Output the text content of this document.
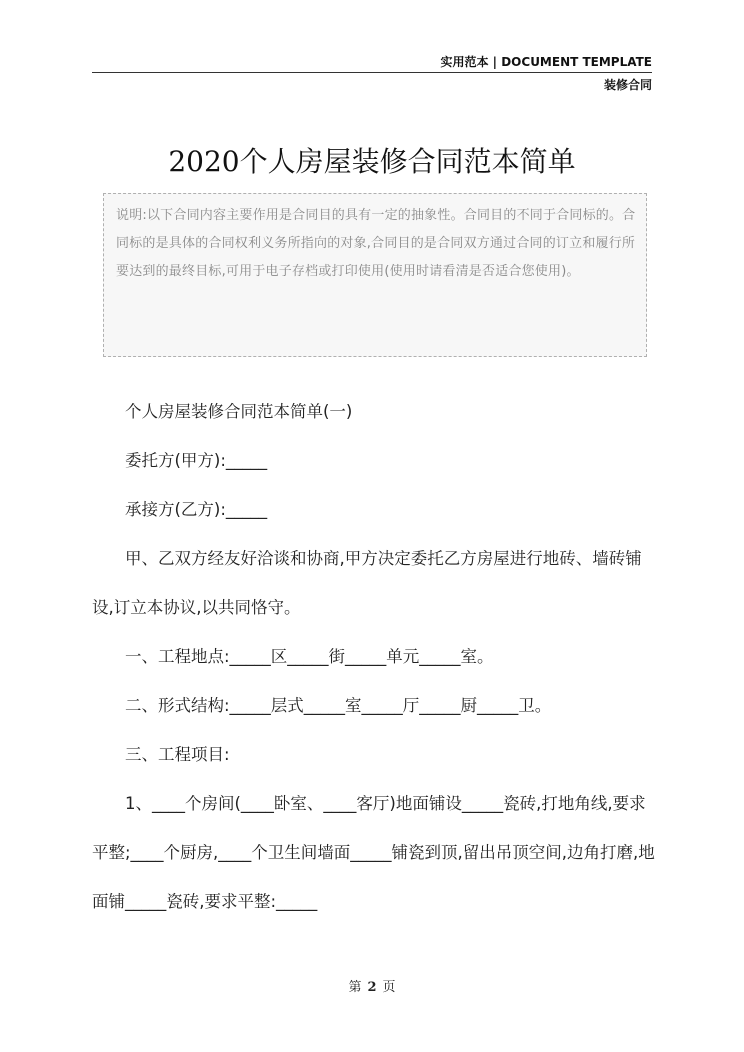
实用范本 | DOCUMENT TEMPLATE
装修合同
2020个人房屋装修合同范本简单
说明:以下合同内容主要作用是合同目的具有一定的抽象性。合同目的不同于合同标的。合同标的是具体的合同权利义务所指向的对象,合同目的是合同双方通过合同的订立和履行所要达到的最终目标,可用于电子存档或打印使用(使用时请看清是否适合您使用)。

个人房屋装修合同范本简单(一)

委托方(甲方):_____

承接方(乙方):_____

甲、乙双方经友好洽谈和协商,甲方决定委托乙方房屋进行地砖、墙砖铺设,订立本协议,以共同恪守。

一、工程地点:_____区_____街_____单元_____室。

二、形式结构:_____层式_____室_____厅_____厨_____卫。

三、工程项目:

1、____个房间(____卧室、____客厅)地面铺设_____瓷砖,打地角线,要求平整;____个厨房,____个卫生间墙面_____铺瓷到顶,留出吊顶空间,边角打磨,地面铺_____瓷砖,要求平整:_____

第 2 页
